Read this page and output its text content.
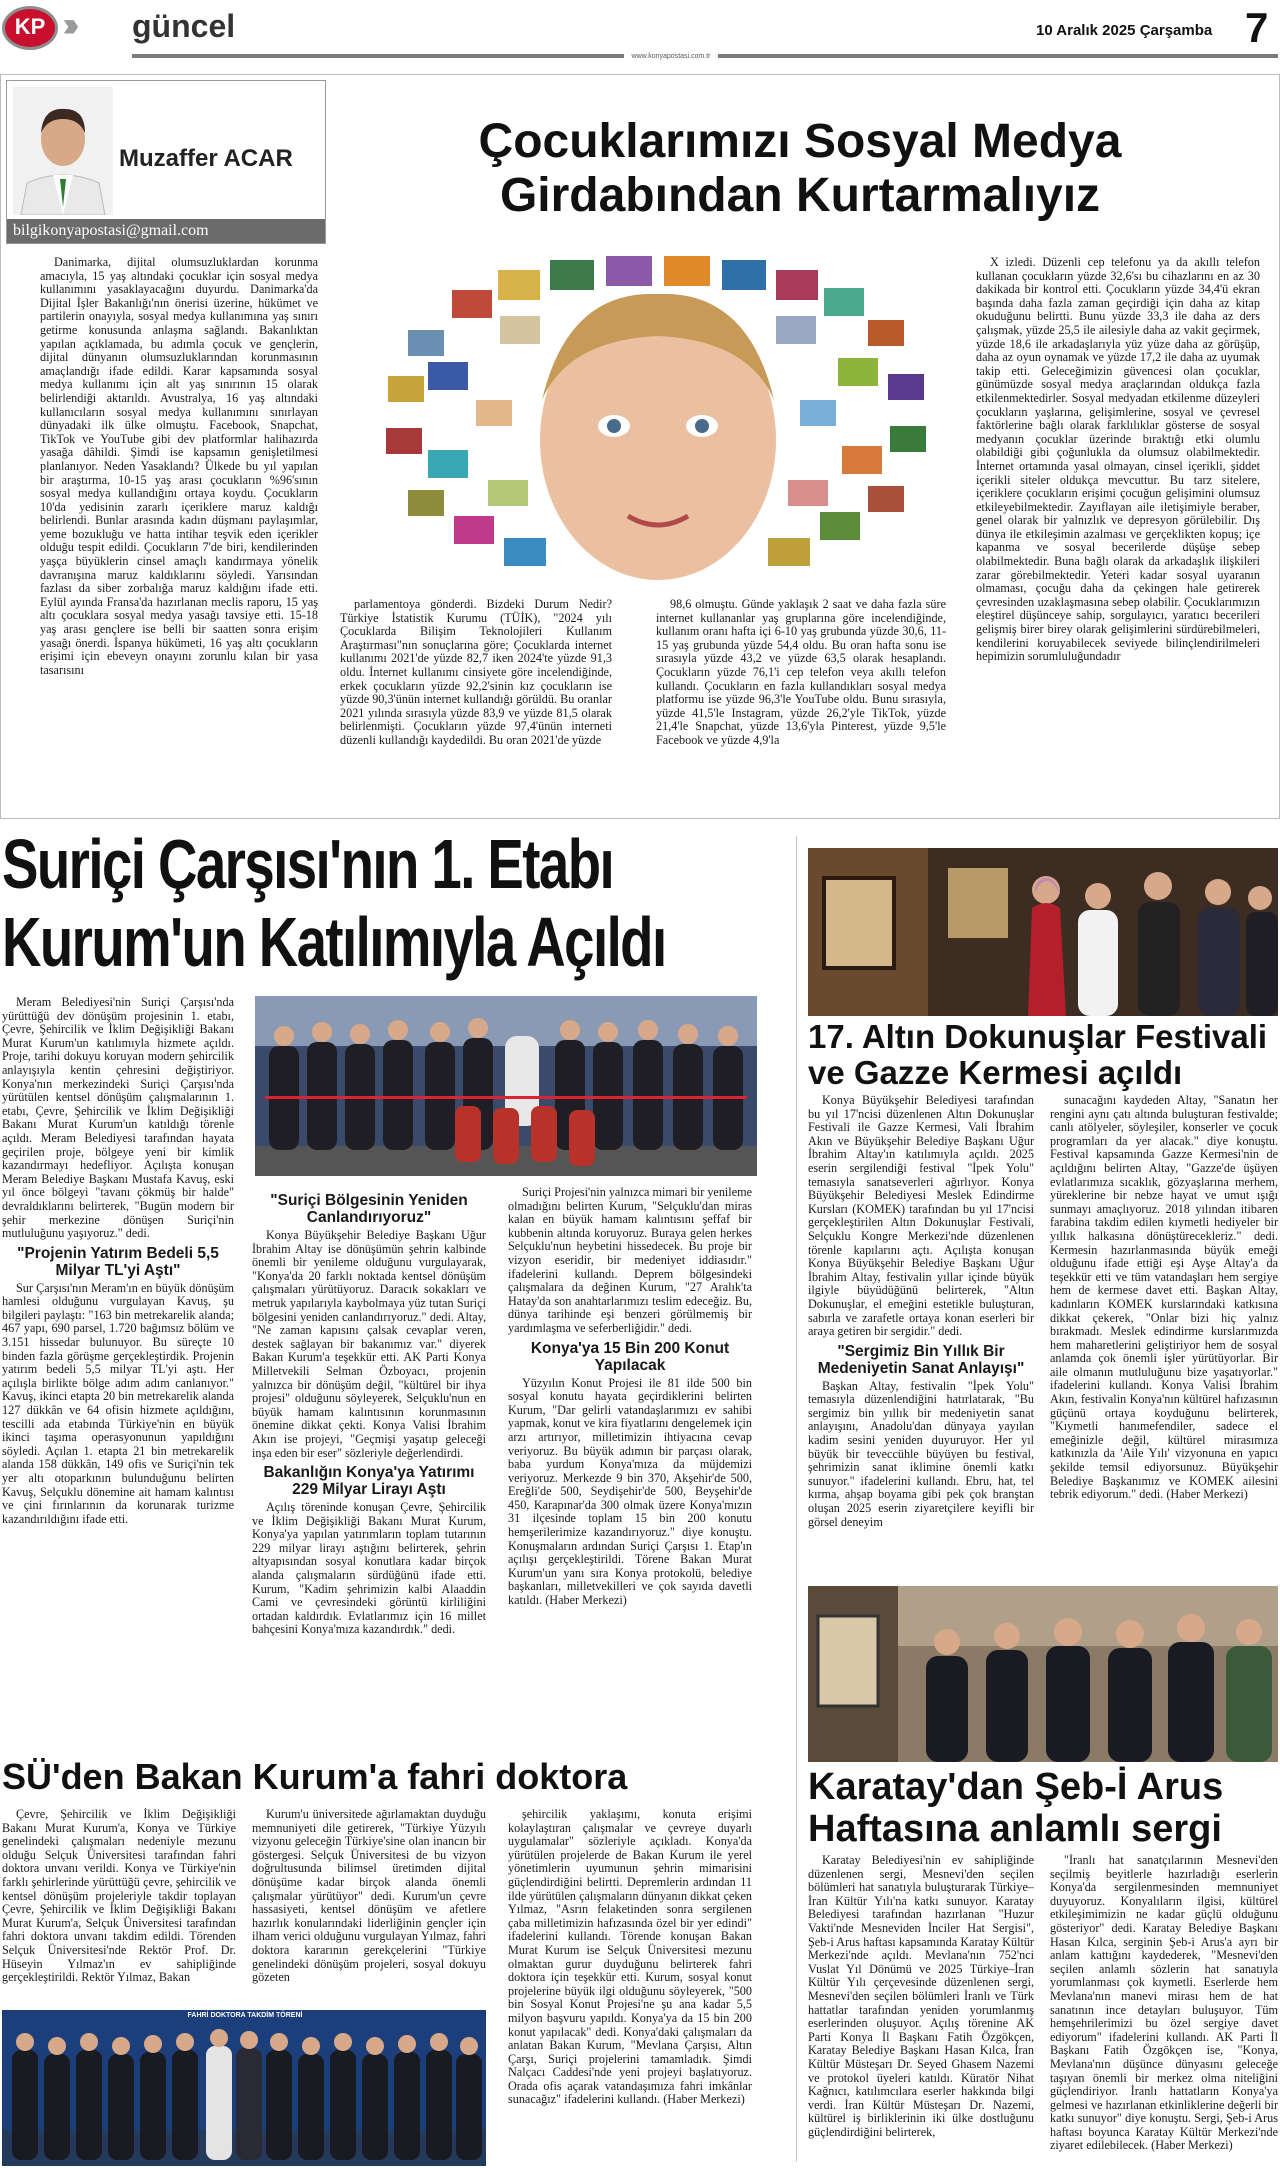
KP	güncel	10 Aralık 2025 Çarşamba 7
www.konyapostasi.com.tr
Muzaffer ACAR
bilgikonyapostasi@gmail.com
Çocuklarımızı Sosyal Medya
Girdabından Kurtarmalıyız

Danimarka, dijital olumsuzluklardan korunma amacıyla, 15 yaş altındaki çocuklar için sosyal medya kullanımını yasaklayacağını duyurdu. Danimarka'da Dijital İşler Bakanlığı'nın önerisi üzerine, hükümet ve partilerin onayıyla, sosyal medya kullanımına yaş sınırı getirme konusunda anlaşma sağlandı. Bakanlıktan yapılan açıklamada, bu adımla çocuk ve gençlerin, dijital dünyanın olumsuzluklarından korunmasının amaçlandığı ifade edildi. Karar kapsamında sosyal medya kullanımı için alt yaş sınırının 15 olarak belirlendiği aktarıldı. Avustralya, 16 yaş altındaki kullanıcıların sosyal medya kullanımını sınırlayan dünyadaki ilk ülke olmuştu. Facebook, Snapchat, TikTok ve YouTube gibi dev platformlar halihazırda yasağa dâhildi. Şimdi ise kapsamın genişletilmesi planlanıyor. Neden Yasaklandı? Ülkede bu yıl yapılan bir araştırma, 10-15 yaş arası çocukların %96'sının sosyal medya kullandığını ortaya koydu. Çocukların 10'da yedisinin zararlı içeriklere maruz kaldığı belirlendi. Bunlar arasında kadın düşmanı paylaşımlar, yeme bozukluğu ve hatta intihar teşvik eden içerikler olduğu tespit edildi. Çocukların 7'de biri, kendilerinden yaşça büyüklerin cinsel amaçlı kandırmaya yönelik davranışına maruz kaldıklarını söyledi. Yarısından fazlası da siber zorbalığa maruz kaldığını ifade etti. Eylül ayında Fransa'da hazırlanan meclis raporu, 15 yaş altı çocuklara sosyal medya yasağı tavsiye etti. 15-18 yaş arası gençlere ise belli bir saatten sonra erişim yasağı önerdi. İspanya hükümeti, 16 yaş altı çocukların erişimi için ebeveyn onayını zorunlu kılan bir yasa tasarısını

parlamentoya gönderdi. Bizdeki Durum Nedir? Türkiye İstatistik Kurumu (TÜİK), "2024 yılı Çocuklarda Bilişim Teknolojileri Kullanım Araştırması"nın sonuçlarına göre; Çocuklarda internet kullanımı 2021'de yüzde 82,7 iken 2024'te yüzde 91,3 oldu. İnternet kullanımı cinsiyete göre incelendiğinde, erkek çocukların yüzde 92,2'sinin kız çocukların ise yüzde 90,3'ünün internet kullandığı görüldü. Bu oranlar 2021 yılında sırasıyla yüzde 83,9 ve yüzde 81,5 olarak belirlenmişti. Çocukların yüzde 97,4'ünün interneti düzenli kullandığı kaydedildi. Bu oran 2021'de yüzde

98,6 olmuştu. Günde yaklaşık 2 saat ve daha fazla süre internet kullananlar yaş gruplarına göre incelendiğinde, kullanım oranı hafta içi 6-10 yaş grubunda yüzde 30,6, 11-15 yaş grubunda yüzde 54,4 oldu. Bu oran hafta sonu ise sırasıyla yüzde 43,2 ve yüzde 63,5 olarak hesaplandı. Çocukların yüzde 76,1'i cep telefon veya akıllı telefon kullandı. Çocukların en fazla kullandıkları sosyal medya platformu ise yüzde 96,3'le YouTube oldu. Bunu sırasıyla, yüzde 41,5'le Instagram, yüzde 26,2'yle TikTok, yüzde 21,4'le Snapchat, yüzde 13,6'yla Pinterest, yüzde 9,5'le Facebook ve yüzde 4,9'la

X izledi. Düzenli cep telefonu ya da akıllı telefon kullanan çocukların yüzde 32,6'sı bu cihazlarını en az 30 dakikada bir kontrol etti. Çocukların yüzde 34,4'ü ekran başında daha fazla zaman geçirdiği için daha az kitap okuduğunu belirtti. Bunu yüzde 33,3 ile daha az ders çalışmak, yüzde 25,5 ile ailesiyle daha az vakit geçirmek, yüzde 18,6 ile arkadaşlarıyla yüz yüze daha az görüşüp, daha az oyun oynamak ve yüzde 17,2 ile daha az uyumak takip etti. Geleceğimizin güvencesi olan çocuklar, günümüzde sosyal medya araçlarından oldukça fazla etkilenmektedirler. Sosyal medyadan etkilenme düzeyleri çocukların yaşlarına, gelişimlerine, sosyal ve çevresel faktörlerine bağlı olarak farklılıklar gösterse de sosyal medyanın çocuklar üzerinde bıraktığı etki olumlu olabildiği gibi çoğunlukla da olumsuz olabilmektedir. İnternet ortamında yasal olmayan, cinsel içerikli, şiddet içerikli siteler oldukça mevcuttur. Bu tarz sitelere, içeriklere çocukların erişimi çocuğun gelişimini olumsuz etkileyebilmektedir. Zayıflayan aile iletişimiyle beraber, genel olarak bir yalnızlık ve depresyon görülebilir. Dış dünya ile etkileşimin azalması ve gerçeklikten kopuş; içe kapanma ve sosyal becerilerde düşüşe sebep olabilmektedir. Buna bağlı olarak da arkadaşlık ilişkileri zarar görebilmektedir. Yeteri kadar sosyal uyaranın olmaması, çocuğu daha da çekingen hale getirerek çevresinden uzaklaşmasına sebep olabilir. Çocuklarımızın eleştirel düşünceye sahip, sorgulayıcı, yaratıcı becerileri gelişmiş birer birey olarak gelişimlerini sürdürebilmeleri, kendilerini koruyabilecek seviyede bilinçlendirilmeleri hepimizin sorumluluğundadır

Suriçi Çarşısı'nın 1. Etabı
Kurum'un Katılımıyla Açıldı

Meram Belediyesi'nin Suriçi Çarşısı'nda yürüttüğü dev dönüşüm projesinin 1. etabı, Çevre, Şehircilik ve İklim Değişikliği Bakanı Murat Kurum'un katılımıyla hizmete açıldı. Proje, tarihi dokuyu koruyan modern şehircilik anlayışıyla kentin çehresini değiştiriyor. Konya'nın merkezindeki Suriçi Çarşısı'nda yürütülen kentsel dönüşüm çalışmalarının 1. etabı, Çevre, Şehircilik ve İklim Değişikliği Bakanı Murat Kurum'un katıldığı törenle açıldı. Meram Belediyesi tarafından hayata geçirilen proje, bölgeye yeni bir kimlik kazandırmayı hedefliyor. Açılışta konuşan Meram Belediye Başkanı Mustafa Kavuş, eski yıl önce bölgeyi "tavanı çökmüş bir halde" devraldıklarını belirterek, "Bugün modern bir şehir merkezine dönüşen Suriçi'nin mutluluğunu yaşıyoruz." dedi.

"Projenin Yatırım Bedeli 5,5 Milyar TL'yi Aştı"

Sur Çarşısı'nın Meram'ın en büyük dönüşüm hamlesi olduğunu vurgulayan Kavuş, şu bilgileri paylaştı: "163 bin metrekarelik alanda; 467 yapı, 690 parsel, 1.720 bağımsız bölüm ve 3.151 hissedar bulunuyor. Bu süreçte 10 binden fazla görüşme gerçekleştirdik. Projenin yatırım bedeli 5,5 milyar TL'yi aştı. Her açılışla birlikte bölge adım adım canlanıyor." Kavuş, ikinci etapta 20 bin metrekarelik alanda 127 dükkân ve 64 ofisin hizmete açıldığını, tescilli ada etabında Türkiye'nin en büyük ikinci taşıma operasyonunun yapıldığını söyledi. Açılan 1. etapta 21 bin metrekarelik alanda 158 dükkân, 149 ofis ve Suriçi'nin tek yer altı otoparkının bulunduğunu belirten Kavuş, Selçuklu dönemine ait hamam kalıntısı ve çini fırınlarının da korunarak turizme kazandırıldığını ifade etti.

"Suriçi Bölgesinin Yeniden Canlandırıyoruz"

Konya Büyükşehir Belediye Başkanı Uğur İbrahim Altay ise dönüşümün şehrin kalbinde önemli bir yenileme olduğunu vurgulayarak, "Konya'da 20 farklı noktada kentsel dönüşüm çalışmaları yürütüyoruz. Daracık sokakları ve metruk yapılarıyla kaybolmaya yüz tutan Suriçi bölgesini yeniden canlandırıyoruz." dedi. Altay, "Ne zaman kapısını çalsak cevaplar veren, destek sağlayan bir bakanımız var." diyerek Bakan Kurum'a teşekkür etti. AK Parti Konya Milletvekili Selman Özboyacı, projenin yalnızca bir dönüşüm değil, "kültürel bir ihya projesi" olduğunu söyleyerek, Selçuklu'nun en büyük hamam kalıntısının korunmasının önemine dikkat çekti. Konya Valisi İbrahim Akın ise projeyi, "Geçmişi yaşatıp geleceği inşa eden bir eser" sözleriyle değerlendirdi.

Bakanlığın Konya'ya Yatırımı 229 Milyar Lirayı Aştı

Açılış töreninde konuşan Çevre, Şehircilik ve İklim Değişikliği Bakanı Murat Kurum, Konya'ya yapılan yatırımların toplam tutarının 229 milyar lirayı aştığını belirterek, şehrin altyapısından sosyal konutlara kadar birçok alanda çalışmaların sürdüğünü ifade etti. Kurum, "Kadim şehrimizin kalbi Alaaddin Cami ve çevresindeki görüntü kirliliğini ortadan kaldırdık. Evlatlarımız için 16 millet bahçesini Konya'mıza kazandırdık." dedi.

Suriçi Projesi'nin yalnızca mimari bir yenileme olmadığını belirten Kurum, "Selçuklu'dan miras kalan en büyük hamam kalıntısını şeffaf bir kubbenin altında koruyoruz. Buraya gelen herkes Selçuklu'nun heybetini hissedecek. Bu proje bir vizyon eseridir, bir medeniyet iddiasıdır." ifadelerini kullandı. Deprem bölgesindeki çalışmalara da değinen Kurum, "27 Aralık'ta Hatay'da son anahtarlarımızı teslim edeceğiz. Bu, dünya tarihinde eşi benzeri görülmemiş bir yardımlaşma ve seferberliğidir." dedi.

Konya'ya 15 Bin 200 Konut Yapılacak

Yüzyılın Konut Projesi ile 81 ilde 500 bin sosyal konutu hayata geçirdiklerini belirten Kurum, "Dar gelirli vatandaşlarımızı ev sahibi yapmak, konut ve kira fiyatlarını dengelemek için arzı artırıyor, milletimizin ihtiyacına cevap veriyoruz. Bu büyük adımın bir parçası olarak, baba yurdum Konya'mıza da müjdemizi veriyoruz. Merkezde 9 bin 370, Akşehir'de 500, Ereğli'de 500, Seydişehir'de 500, Beyşehir'de 450, Karapınar'da 300 olmak üzere Konya'mızın 31 ilçesinde toplam 15 bin 200 konutu hemşerilerimize kazandırıyoruz." diye konuştu. Konuşmaların ardından Suriçi Çarşısı 1. Etap'ın açılışı gerçekleştirildi. Törene Bakan Murat Kurum'un yanı sıra Konya protokolü, belediye başkanları, milletvekilleri ve çok sayıda davetli katıldı. (Haber Merkezi)

17. Altın Dokunuşlar Festivali
ve Gazze Kermesi açıldı

Konya Büyükşehir Belediyesi tarafından bu yıl 17'ncisi düzenlenen Altın Dokunuşlar Festivali ile Gazze Kermesi, Vali İbrahim Akın ve Büyükşehir Belediye Başkanı Uğur İbrahim Altay'ın katılımıyla açıldı. 2025 eserin sergilendiği festival "İpek Yolu" temasıyla sanatseverleri ağırlıyor. Konya Büyükşehir Belediyesi Meslek Edindirme Kursları (KOMEK) tarafından bu yıl 17'ncisi gerçekleştirilen Altın Dokunuşlar Festivali, Selçuklu Kongre Merkezi'nde düzenlenen törenle kapılarını açtı. Açılışta konuşan Konya Büyükşehir Belediye Başkanı Uğur İbrahim Altay, festivalin yıllar içinde büyük ilgiyle büyüdüğünü belirterek, "Altın Dokunuşlar, el emeğini estetikle buluşturan, sabırla ve zarafetle ortaya konan eserleri bir araya getiren bir sergidir." dedi.

"Sergimiz Bin Yıllık Bir Medeniyetin Sanat Anlayışı"

Başkan Altay, festivalin "İpek Yolu" temasıyla düzenlendiğini hatırlatarak, "Bu sergimiz bin yıllık bir medeniyetin sanat anlayışını, Anadolu'dan dünyaya yayılan kadim sesini yeniden duyuruyor. Her yıl büyük bir teveccühle büyüyen bu festival, şehrimizin sanat iklimine önemli katkı sunuyor." ifadelerini kullandı. Ebru, hat, tel kırma, ahşap boyama gibi pek çok branştan oluşan 2025 eserin ziyaretçilere keyifli bir görsel deneyim

sunacağını kaydeden Altay, "Sanatın her rengini aynı çatı altında buluşturan festivalde; canlı atölyeler, söyleşiler, konserler ve çocuk programları da yer alacak." diye konuştu. Festival kapsamında Gazze Kermesi'nin de açıldığını belirten Altay, "Gazze'de üşüyen evlatlarımıza sıcaklık, gözyaşlarına merhem, yüreklerine bir nebze hayat ve umut ışığı sunmayı amaçlıyoruz. 2018 yılından itibaren farabina takdim edilen kıymetli hediyeler bir yıllık halkasına dönüştürecekleriz." dedi. Kermesin hazırlanmasında büyük emeği olduğunu ifade ettiği eşi Ayşe Altay'a da teşekkür etti ve tüm vatandaşları hem sergiye hem de kermese davet etti. Başkan Altay, kadınların KOMEK kurslarındaki katkısına dikkat çekerek, "Onlar bizi hiç yalnız bırakmadı. Meslek edindirme kurslarımızda hem maharetlerini geliştiriyor hem de sosyal anlamda çok önemli işler yürütüyorlar. Bir aile olmanın mutluluğunu bize yaşatıyorlar." ifadelerini kullandı. Konya Valisi İbrahim Akın, festivalin Konya'nın kültürel hafızasının güçünü ortaya koyduğunu belirterek, "Kıymetli hanımefendiler, sadece el emeğinizle değil, kültürel mirasımıza katkınızla da 'Aile Yılı' vizyonuna en yapıcı şekilde temsil ediyorsunuz. Büyükşehir Belediye Başkanımız ve KOMEK ailesini tebrik ediyorum." dedi. (Haber Merkezi)

SÜ'den Bakan Kurum'a fahri doktora

Çevre, Şehircilik ve İklim Değişikliği Bakanı Murat Kurum'a, Konya ve Türkiye genelindeki çalışmaları nedeniyle mezunu olduğu Selçuk Üniversitesi tarafından fahri doktora unvanı verildi. Konya ve Türkiye'nin farklı şehirlerinde yürüttüğü çevre, şehircilik ve kentsel dönüşüm projeleriyle takdir toplayan Çevre, Şehircilik ve İklim Değişikliği Bakanı Murat Kurum'a, Selçuk Üniversitesi tarafından fahri doktora unvanı takdim edildi. Törenden Selçuk Üniversitesi'nde Rektör Prof. Dr. Hüseyin Yılmaz'ın ev sahipliğinde gerçekleştirildi. Rektör Yılmaz, Bakan

Kurum'u üniversitede ağırlamaktan duyduğu memnuniyeti dile getirerek, "Türkiye Yüzyılı vizyonu geleceğin Türkiye'sine olan inancın bir göstergesi. Selçuk Üniversitesi de bu vizyon doğrultusunda bilimsel üretimden dijital dönüşüme kadar birçok alanda önemli çalışmalar yürütüyor" dedi. Kurum'un çevre hassasiyeti, kentsel dönüşüm ve afetlere hazırlık konularındaki liderliğinin gençler için ilham verici olduğunu vurgulayan Yılmaz, fahri doktora kararının gerekçelerini "Türkiye genelindeki dönüşüm projeleri, sosyal dokuyu gözeten

şehircilik yaklaşımı, konuta erişimi kolaylaştıran çalışmalar ve çevreye duyarlı uygulamalar" sözleriyle açıkladı. Konya'da yürütülen projelerde de Bakan Kurum ile yerel yönetimlerin uyumunun şehrin mimarisini güçlendirdiğini belirtti. Depremlerin ardından 11 ilde yürütülen çalışmaların dünyanın dikkat çeken Yılmaz, "Asrın felaketinden sonra sergilenen çaba milletimizin hafızasında özel bir yer edindi" ifadelerini kullandı. Törende konuşan Bakan Murat Kurum ise Selçuk Üniversitesi mezunu olmaktan gurur duyduğunu belirterek fahri doktora için teşekkür etti. Kurum, sosyal konut projelerine büyük ilgi olduğunu söyleyerek, "500 bin Sosyal Konut Projesi'ne şu ana kadar 5,5 milyon başvuru yapıldı. Konya'ya da 15 bin 200 konut yapılacak" dedi. Konya'daki çalışmaları da anlatan Bakan Kurum, "Mevlana Çarşısı, Altın Çarşı, Suriçi projelerini tamamladık. Şimdi Nalçacı Caddesi'nde yeni projeyi başlatıyoruz. Orada ofis açarak vatandaşımıza fahri imkânlar sunacağız" ifadelerini kullandı. (Haber Merkezi)

FAHRİ DOKTORA TAKDİM TÖRENİ
Karatay'dan Şeb-İ Arus
Haftasına anlamlı sergi

Karatay Belediyesi'nin ev sahipliğinde düzenlenen sergi, Mesnevi'den seçilen bölümleri hat sanatıyla buluşturarak Türkiye–İran Kültür Yılı'na katkı sunuyor. Karatay Belediyesi tarafından hazırlanan "Huzur Vakti'nde Mesneviden İnciler Hat Sergisi", Şeb-i Arus haftası kapsamında Karatay Kültür Merkezi'nde açıldı. Mevlana'nın 752'nci Vuslat Yıl Dönümü ve 2025 Türkiye–İran Kültür Yılı çerçevesinde düzenlenen sergi, Mesnevi'den seçilen bölümleri İranlı ve Türk hattatlar tarafından yeniden yorumlanmış eserlerinden oluşuyor. Açılış törenine AK Parti Konya İl Başkanı Fatih Özgökçen, Karatay Belediye Başkanı Hasan Kılca, İran Kültür Müsteşarı Dr. Seyed Ghasem Nazemi ve protokol üyeleri katıldı. Küratör Nihat Kağnıcı, katılımcılara eserler hakkında bilgi verdi. İran Kültür Müsteşarı Dr. Nazemi, kültürel iş birliklerinin iki ülke dostluğunu güçlendirdiğini belirterek,

"İranlı hat sanatçılarının Mesnevi'den seçilmiş beyitlerle hazırladığı eserlerin Konya'da sergilenmesinden memnuniyet duyuyoruz. Konyalıların ilgisi, kültürel etkileşimimizin ne kadar güçlü olduğunu gösteriyor" dedi. Karatay Belediye Başkanı Hasan Kılca, serginin Şeb-i Arus'a ayrı bir anlam kattığını kaydederek, "Mesnevi'den seçilen anlamlı sözlerin hat sanatıyla yorumlanması çok kıymetli. Eserlerde hem Mevlana'nın manevi mirası hem de hat sanatının ince detayları buluşuyor. Tüm hemşehrilerimizi bu özel sergiye davet ediyorum" ifadelerini kullandı. AK Parti İl Başkanı Fatih Özgökçen ise, "Konya, Mevlana'nın düşünce dünyasını geleceğe taşıyan önemli bir merkez olma niteliğini güçlendiriyor. İranlı hattatların Konya'ya gelmesi ve hazırlanan etkinliklerine değerli bir katkı sunuyor" diye konuştu. Sergi, Şeb-i Arus haftası boyunca Karatay Kültür Merkezi'nde ziyaret edilebilecek. (Haber Merkezi)
